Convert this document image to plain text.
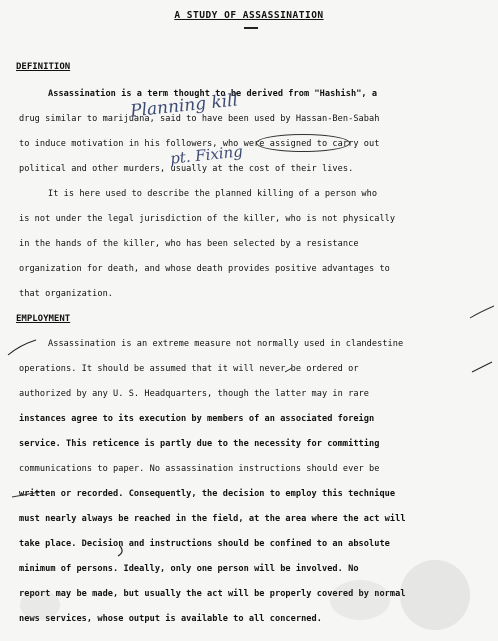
A STUDY OF ASSASSINATION
DEFINITION
Assassination is a term thought to be derived from "Hashish", a
drug similar to marijuana, said to have been used by Hassan-Ben-Sabah
to induce motivation in his followers, who were assigned to carry out
political and other murders, usually at the cost of their lives.
It is here used to describe the planned killing of a person who
is not under the legal jurisdiction of the killer, who is not physically
in the hands of the killer, who has been selected by a resistance
organization for death, and whose death provides positive advantages to
that organization.
EMPLOYMENT
Assassination is an extreme measure not normally used in clandestine
operations. It should be assumed that it will never be ordered or
authorized by any U. S. Headquarters, though the latter may in rare
instances agree to its execution by members of an associated foreign
service. This reticence is partly due to the necessity for committing
communications to paper. No assassination instructions should ever be
written or recorded. Consequently, the decision to employ this technique
must nearly always be reached in the field, at the area where the act will
take place. Decision and instructions should be confined to an absolute
minimum of persons. Ideally, only one person will be involved. No
report may be made, but usually the act will be properly covered by normal
news services, whose output is available to all concerned.
Planning kill
pt. Fixing
